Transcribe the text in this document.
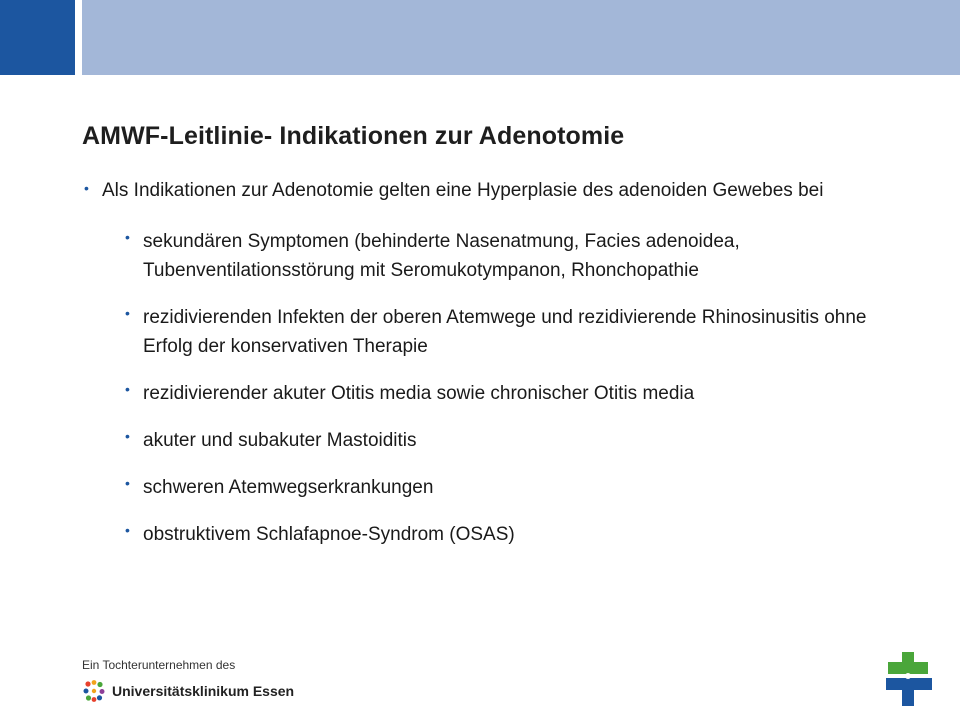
AMWF-Leitlinie- Indikationen zur Adenotomie
• Als Indikationen zur Adenotomie gelten eine Hyperplasie des adenoiden Gewebes bei
• sekundären Symptomen (behinderte Nasenatmung, Facies adenoidea, Tubenventilationsstörung mit Seromukotympanon, Rhonchopathie
• rezidivierenden Infekten der oberen Atemwege und rezidivierende Rhinosinusitis ohne Erfolg der konservativen Therapie
• rezidivierender akuter Otitis media sowie chronischer Otitis media
• akuter und subakuter Mastoiditis
• schweren Atemwegserkrankungen
• obstruktivem Schlafapnoe-Syndrom (OSAS)
Ein Tochterunternehmen des
Universitätsklinikum Essen
